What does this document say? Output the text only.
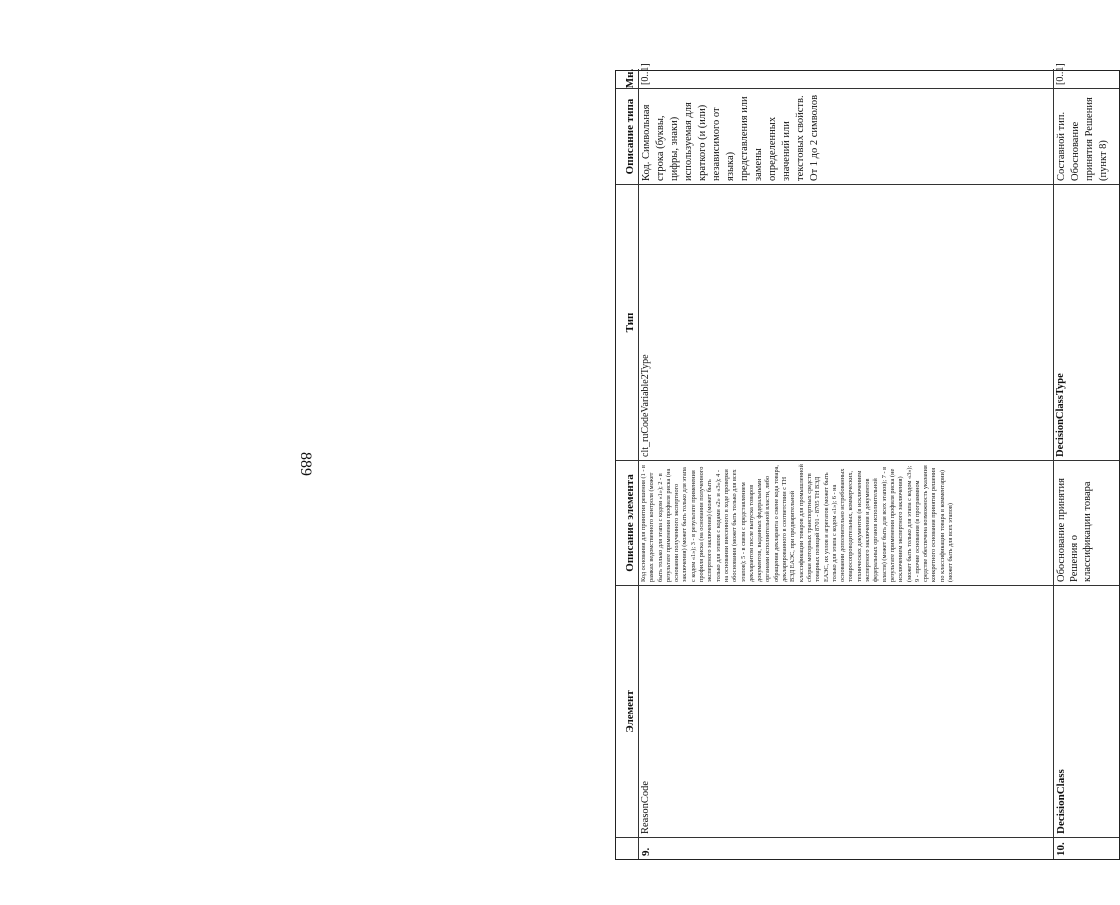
889
Элемент
Описание элемента
Тип
Описание типа
Мн.
9.
ReasonCode
Код основания для принятия решения (1 - в рамках ведомственного контроля (может быть только для этапа с кодом «1»); 2 - в результате применения профиля риска (на основании полученного экспертного заключения) (может быть только для этапа с кодом «1»); 3 - в результате применения профиля риска (на основании полученного экспертного заключения) (может быть только для этапов с кодами «2» и «3»); 4 - на основании внесенного в ходе проверки обоснования (может быть только для всех этапов); 5 - в связи с представлением декларантом после выпуска товаров документов, выданных федеральными органами исполнительной власти, либо обращения декларанта о смене кода товара, декларированного в соответствии с ТН ВЭД ЕАЭС, при предварительной классификации товаров для промышленной сборки моторных транспортных средств товарных позиций 8701 - 8705 ТН ВЭД ЕАЭС, их узлов и агрегатов (может быть только для этапа с кодом «1»); 6 - на основании дополнительно истребованных товаросопроводительных, коммерческих, технических документов (в исключением экспертного заключения и документов федеральных органов исполнительной власти) (может быть для всех этапов); 7 - в результате применения профиля риска (не исключением экспертного заключения) (может быть только для этапа с кодом «3»); 9 - прочие основания (в программном средстве обеспечена возможность указания конкретного основания принятия решения по классификации товара в комментарии) (может быть для всех этапов)
clt_ruCodeVariable2Type
Код. Символьная строка (буквы, цифры, знаки) используемая для краткого (и (или) независимого от языка) представления или замены определенных значений или текстовых свойств. От 1 до 2 символов
[0..1]
10.
DecisionClass
Обоснование принятия Решения о классификации товара
DecisionClassType
Составной тип. Обоснование принятия Решения (пункт 8)
[0..1]
